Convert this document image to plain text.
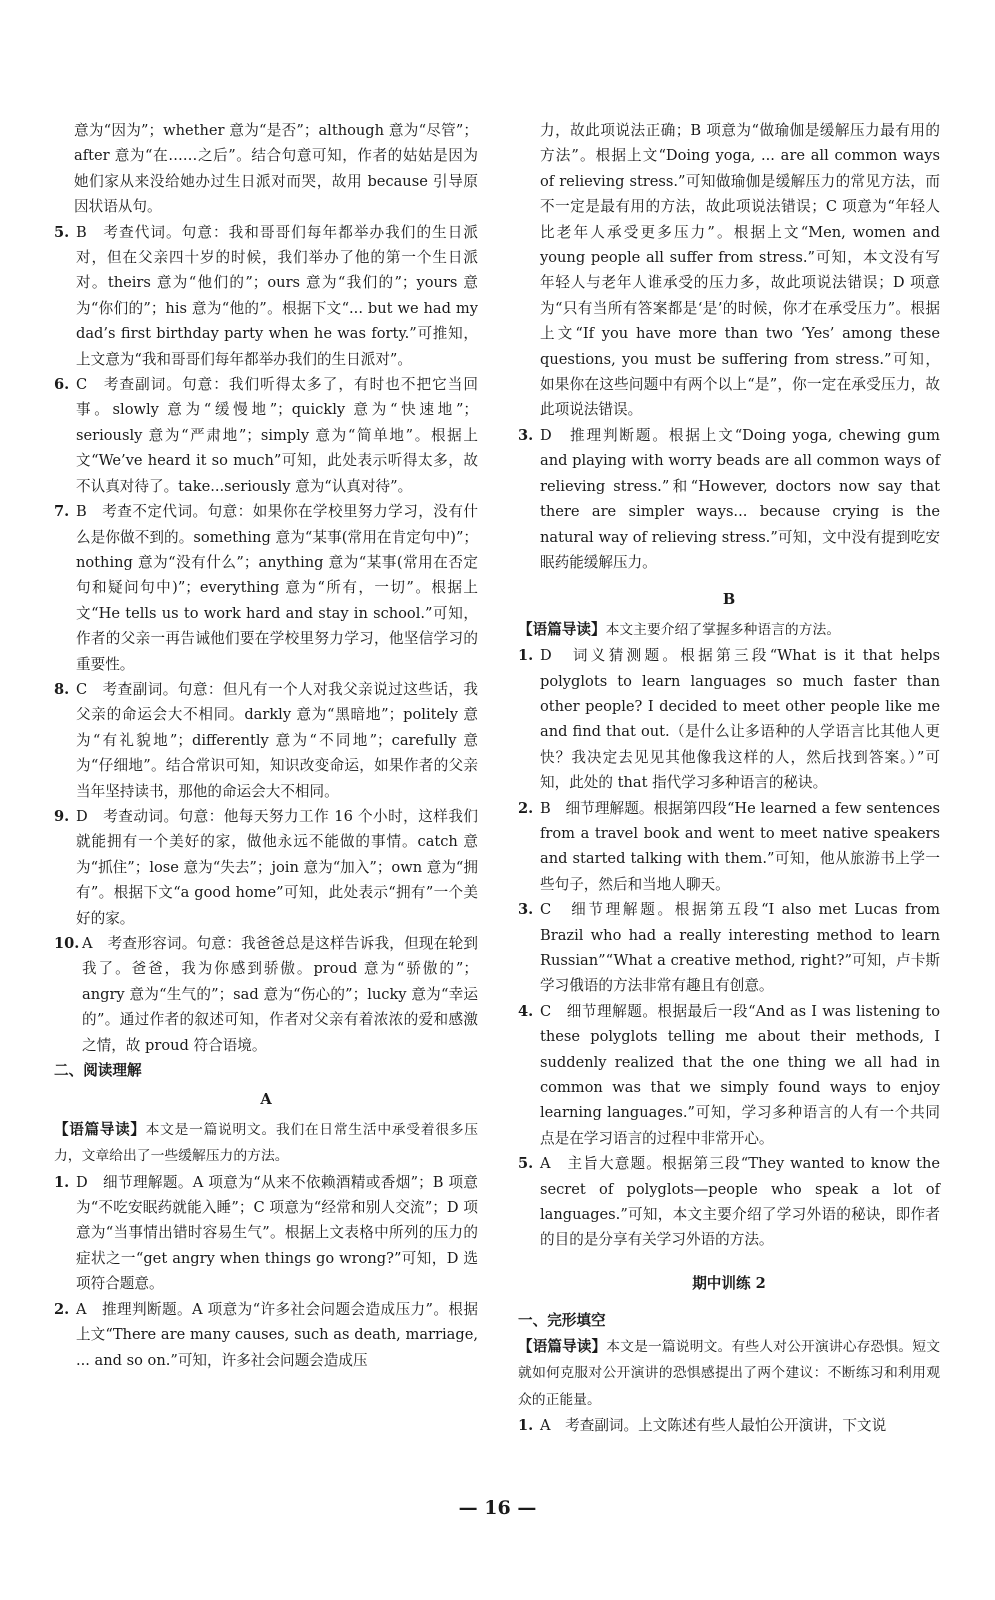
意为“因为”；whether 意为“是否”；although 意为“尽管”；after 意为“在……之后”。结合句意可知，作者的姑姑是因为她们家从来没给她办过生日派对而哭，故用 because 引导原因状语从句。

5. B　考查代词。句意：我和哥哥们每年都举办我们的生日派对，但在父亲四十岁的时候，我们举办了他的第一个生日派对。theirs 意为“他们的”；ours 意为“我们的”；yours 意为“你们的”；his 意为“他的”。根据下文“... but we had my dad’s first birthday party when he was forty.”可推知，上文意为“我和哥哥们每年都举办我们的生日派对”。
6. C　考查副词。句意：我们听得太多了，有时也不把它当回事。slowly 意为“缓慢地”；quickly 意为“快速地”；seriously 意为“严肃地”；simply 意为“简单地”。根据上文“We’ve heard it so much”可知，此处表示听得太多，故不认真对待了。take...seriously 意为“认真对待”。
7. B　考查不定代词。句意：如果你在学校里努力学习，没有什么是你做不到的。something 意为“某事(常用在肯定句中)”；nothing 意为“没有什么”；anything 意为“某事(常用在否定句和疑问句中)”；everything 意为“所有，一切”。根据上文“He tells us to work hard and stay in school.”可知，作者的父亲一再告诫他们要在学校里努力学习，他坚信学习的重要性。
8. C　考查副词。句意：但凡有一个人对我父亲说过这些话，我父亲的命运会大不相同。darkly 意为“黑暗地”；politely 意为“有礼貌地”；differently 意为“不同地”；carefully 意为“仔细地”。结合常识可知，知识改变命运，如果作者的父亲当年坚持读书，那他的命运会大不相同。
9. D　考查动词。句意：他每天努力工作 16 个小时，这样我们就能拥有一个美好的家，做他永远不能做的事情。catch 意为“抓住”；lose 意为“失去”；join 意为“加入”；own 意为“拥有”。根据下文“a good home”可知，此处表示“拥有”一个美好的家。
10. A　考查形容词。句意：我爸爸总是这样告诉我，但现在轮到我了。爸爸，我为你感到骄傲。proud 意为“骄傲的”；angry 意为“生气的”；sad 意为“伤心的”；lucky 意为“幸运的”。通过作者的叙述可知，作者对父亲有着浓浓的爱和感激之情，故 proud 符合语境。

二、阅读理解

A

【语篇导读】本文是一篇说明文。我们在日常生活中承受着很多压力，文章给出了一些缓解压力的方法。

1. D　细节理解题。A 项意为“从来不依赖酒精或香烟”；B 项意为“不吃安眠药就能入睡”；C 项意为“经常和别人交流”；D 项意为“当事情出错时容易生气”。根据上文表格中所列的压力的症状之一“get angry when things go wrong?”可知，D 选项符合题意。
2. A　推理判断题。A 项意为“许多社会问题会造成压力”。根据上文“There are many causes, such as death, marriage, ... and so on.”可知，许多社会问题会造成压

力，故此项说法正确；B 项意为“做瑜伽是缓解压力最有用的方法”。根据上文“Doing yoga, ... are all common ways of relieving stress.”可知做瑜伽是缓解压力的常见方法，而不一定是最有用的方法，故此项说法错误；C 项意为“年轻人比老年人承受更多压力”。根据上文“Men, women and young people all suffer from stress.”可知，本文没有写年轻人与老年人谁承受的压力多，故此项说法错误；D 项意为“只有当所有答案都是‘是’的时候，你才在承受压力”。根据上文“If you have more than two ‘Yes’ among these questions, you must be suffering from stress.”可知，如果你在这些问题中有两个以上“是”，你一定在承受压力，故此项说法错误。

3. D　推理判断题。根据上文“Doing yoga, chewing gum and playing with worry beads are all common ways of relieving stress.”和“However, doctors now say that there are simpler ways... because crying is the natural way of relieving stress.”可知，文中没有提到吃安眠药能缓解压力。

B

【语篇导读】本文主要介绍了掌握多种语言的方法。

1. D　词义猜测题。根据第三段“What is it that helps polyglots to learn languages so much faster than other people? I decided to meet other people like me and find that out.（是什么让多语种的人学语言比其他人更快？我决定去见见其他像我这样的人，然后找到答案。）”可知，此处的 that 指代学习多种语言的秘诀。
2. B　细节理解题。根据第四段“He learned a few sentences from a travel book and went to meet native speakers and started talking with them.”可知，他从旅游书上学一些句子，然后和当地人聊天。
3. C　细节理解题。根据第五段“I also met Lucas from Brazil who had a really interesting method to learn Russian”“What a creative method, right?”可知，卢卡斯学习俄语的方法非常有趣且有创意。
4. C　细节理解题。根据最后一段“And as I was listening to these polyglots telling me about their methods, I suddenly realized that the one thing we all had in common was that we simply found ways to enjoy learning languages.”可知，学习多种语言的人有一个共同点是在学习语言的过程中非常开心。
5. A　主旨大意题。根据第三段“They wanted to know the secret of polyglots—people who speak a lot of languages.”可知，本文主要介绍了学习外语的秘诀，即作者的目的是分享有关学习外语的方法。

期中训练 2

一、完形填空

【语篇导读】本文是一篇说明文。有些人对公开演讲心存恐惧。短文就如何克服对公开演讲的恐惧感提出了两个建议：不断练习和利用观众的正能量。

1. A　考查副词。上文陈述有些人最怕公开演讲，下文说
— 16 —
